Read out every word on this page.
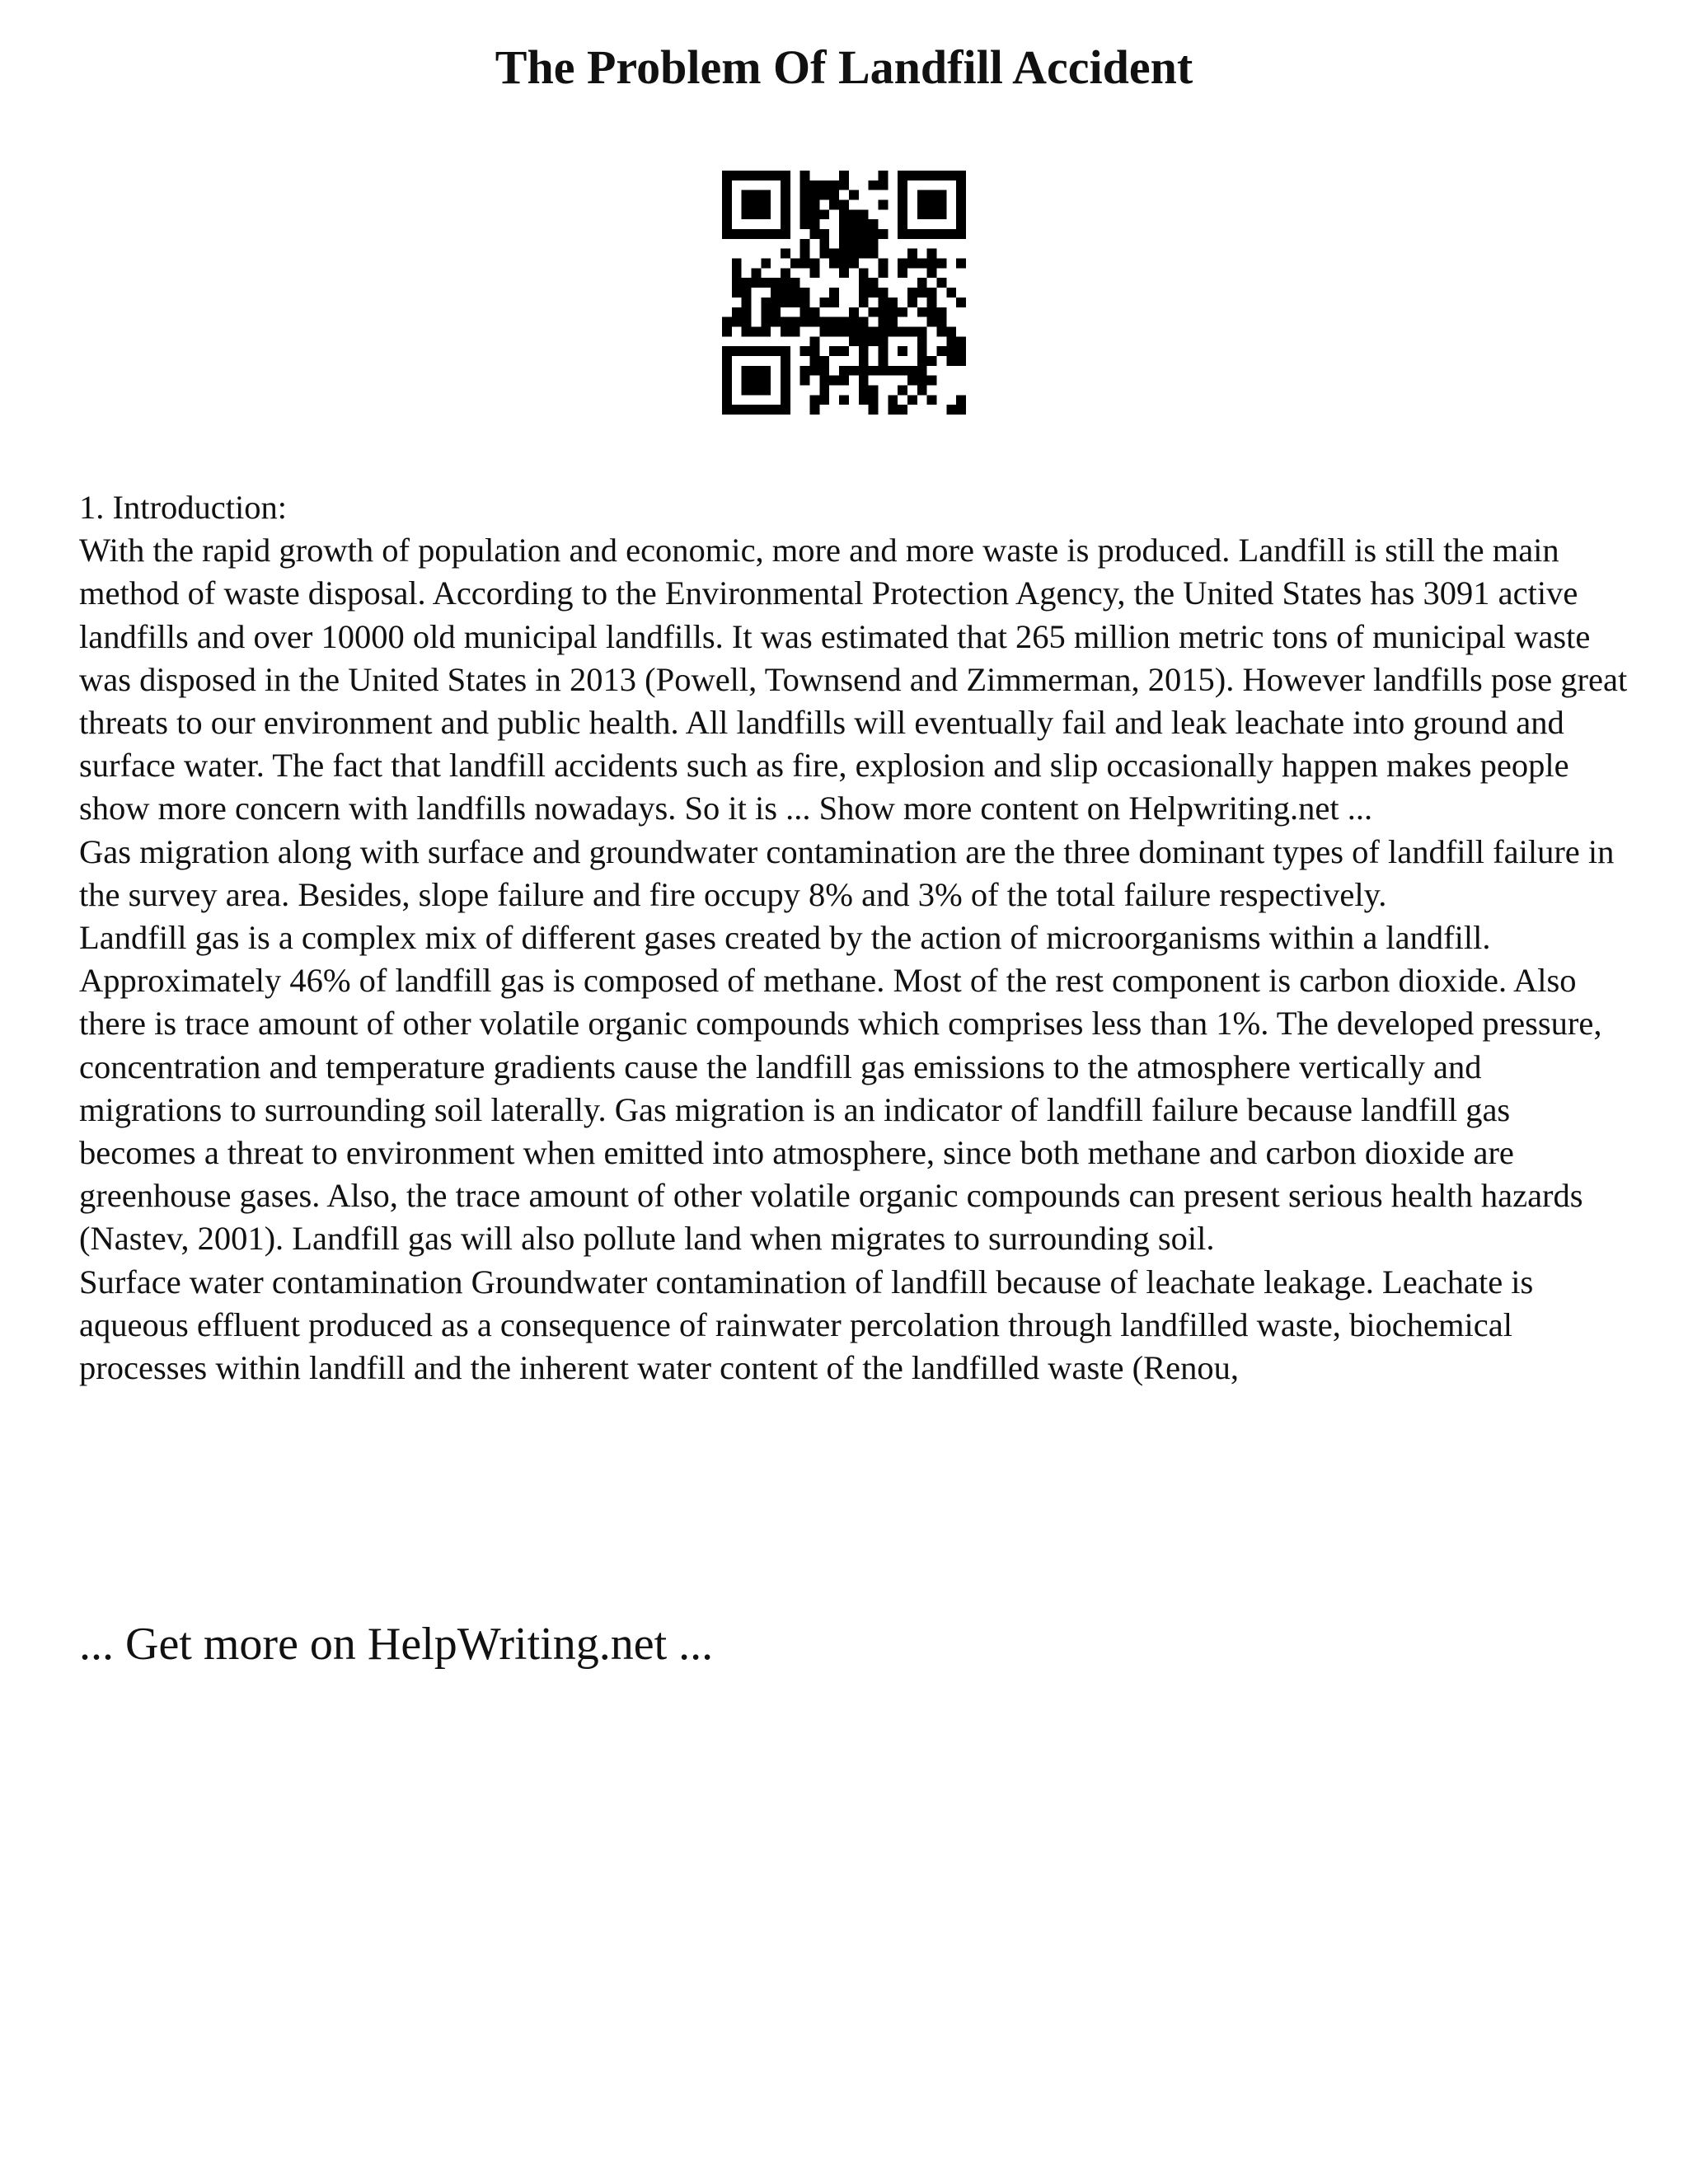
The Problem Of Landfill Accident

1. Introduction:

With the rapid growth of population and economic, more and more waste is produced. Landfill is still the main method of waste disposal. According to the Environmental Protection Agency, the United States has 3091 active landfills and over 10000 old municipal landfills. It was estimated that 265 million metric tons of municipal waste was disposed in the United States in 2013 (Powell, Townsend and Zimmerman, 2015). However landfills pose great threats to our environment and public health. All landfills will eventually fail and leak leachate into ground and surface water. The fact that landfill accidents such as fire, explosion and slip occasionally happen makes people show more concern with landfills nowadays. So it is ... Show more content on Helpwriting.net ...

Gas migration along with surface and groundwater contamination are the three dominant types of landfill failure in the survey area. Besides, slope failure and fire occupy 8% and 3% of the total failure respectively.

Landfill gas is a complex mix of different gases created by the action of microorganisms within a landfill. Approximately 46% of landfill gas is composed of methane. Most of the rest component is carbon dioxide. Also there is trace amount of other volatile organic compounds which comprises less than 1%. The developed pressure, concentration and temperature gradients cause the landfill gas emissions to the atmosphere vertically and migrations to surrounding soil laterally. Gas migration is an indicator of landfill failure because landfill gas becomes a threat to environment when emitted into atmosphere, since both methane and carbon dioxide are greenhouse gases. Also, the trace amount of other volatile organic compounds can present serious health hazards (Nastev, 2001). Landfill gas will also pollute land when migrates to surrounding soil.

Surface water contamination Groundwater contamination of landfill because of leachate leakage. Leachate is aqueous effluent produced as a consequence of rainwater percolation through landfilled waste, biochemical processes within landfill and the inherent water content of the landfilled waste (Renou,

... Get more on HelpWriting.net ...
